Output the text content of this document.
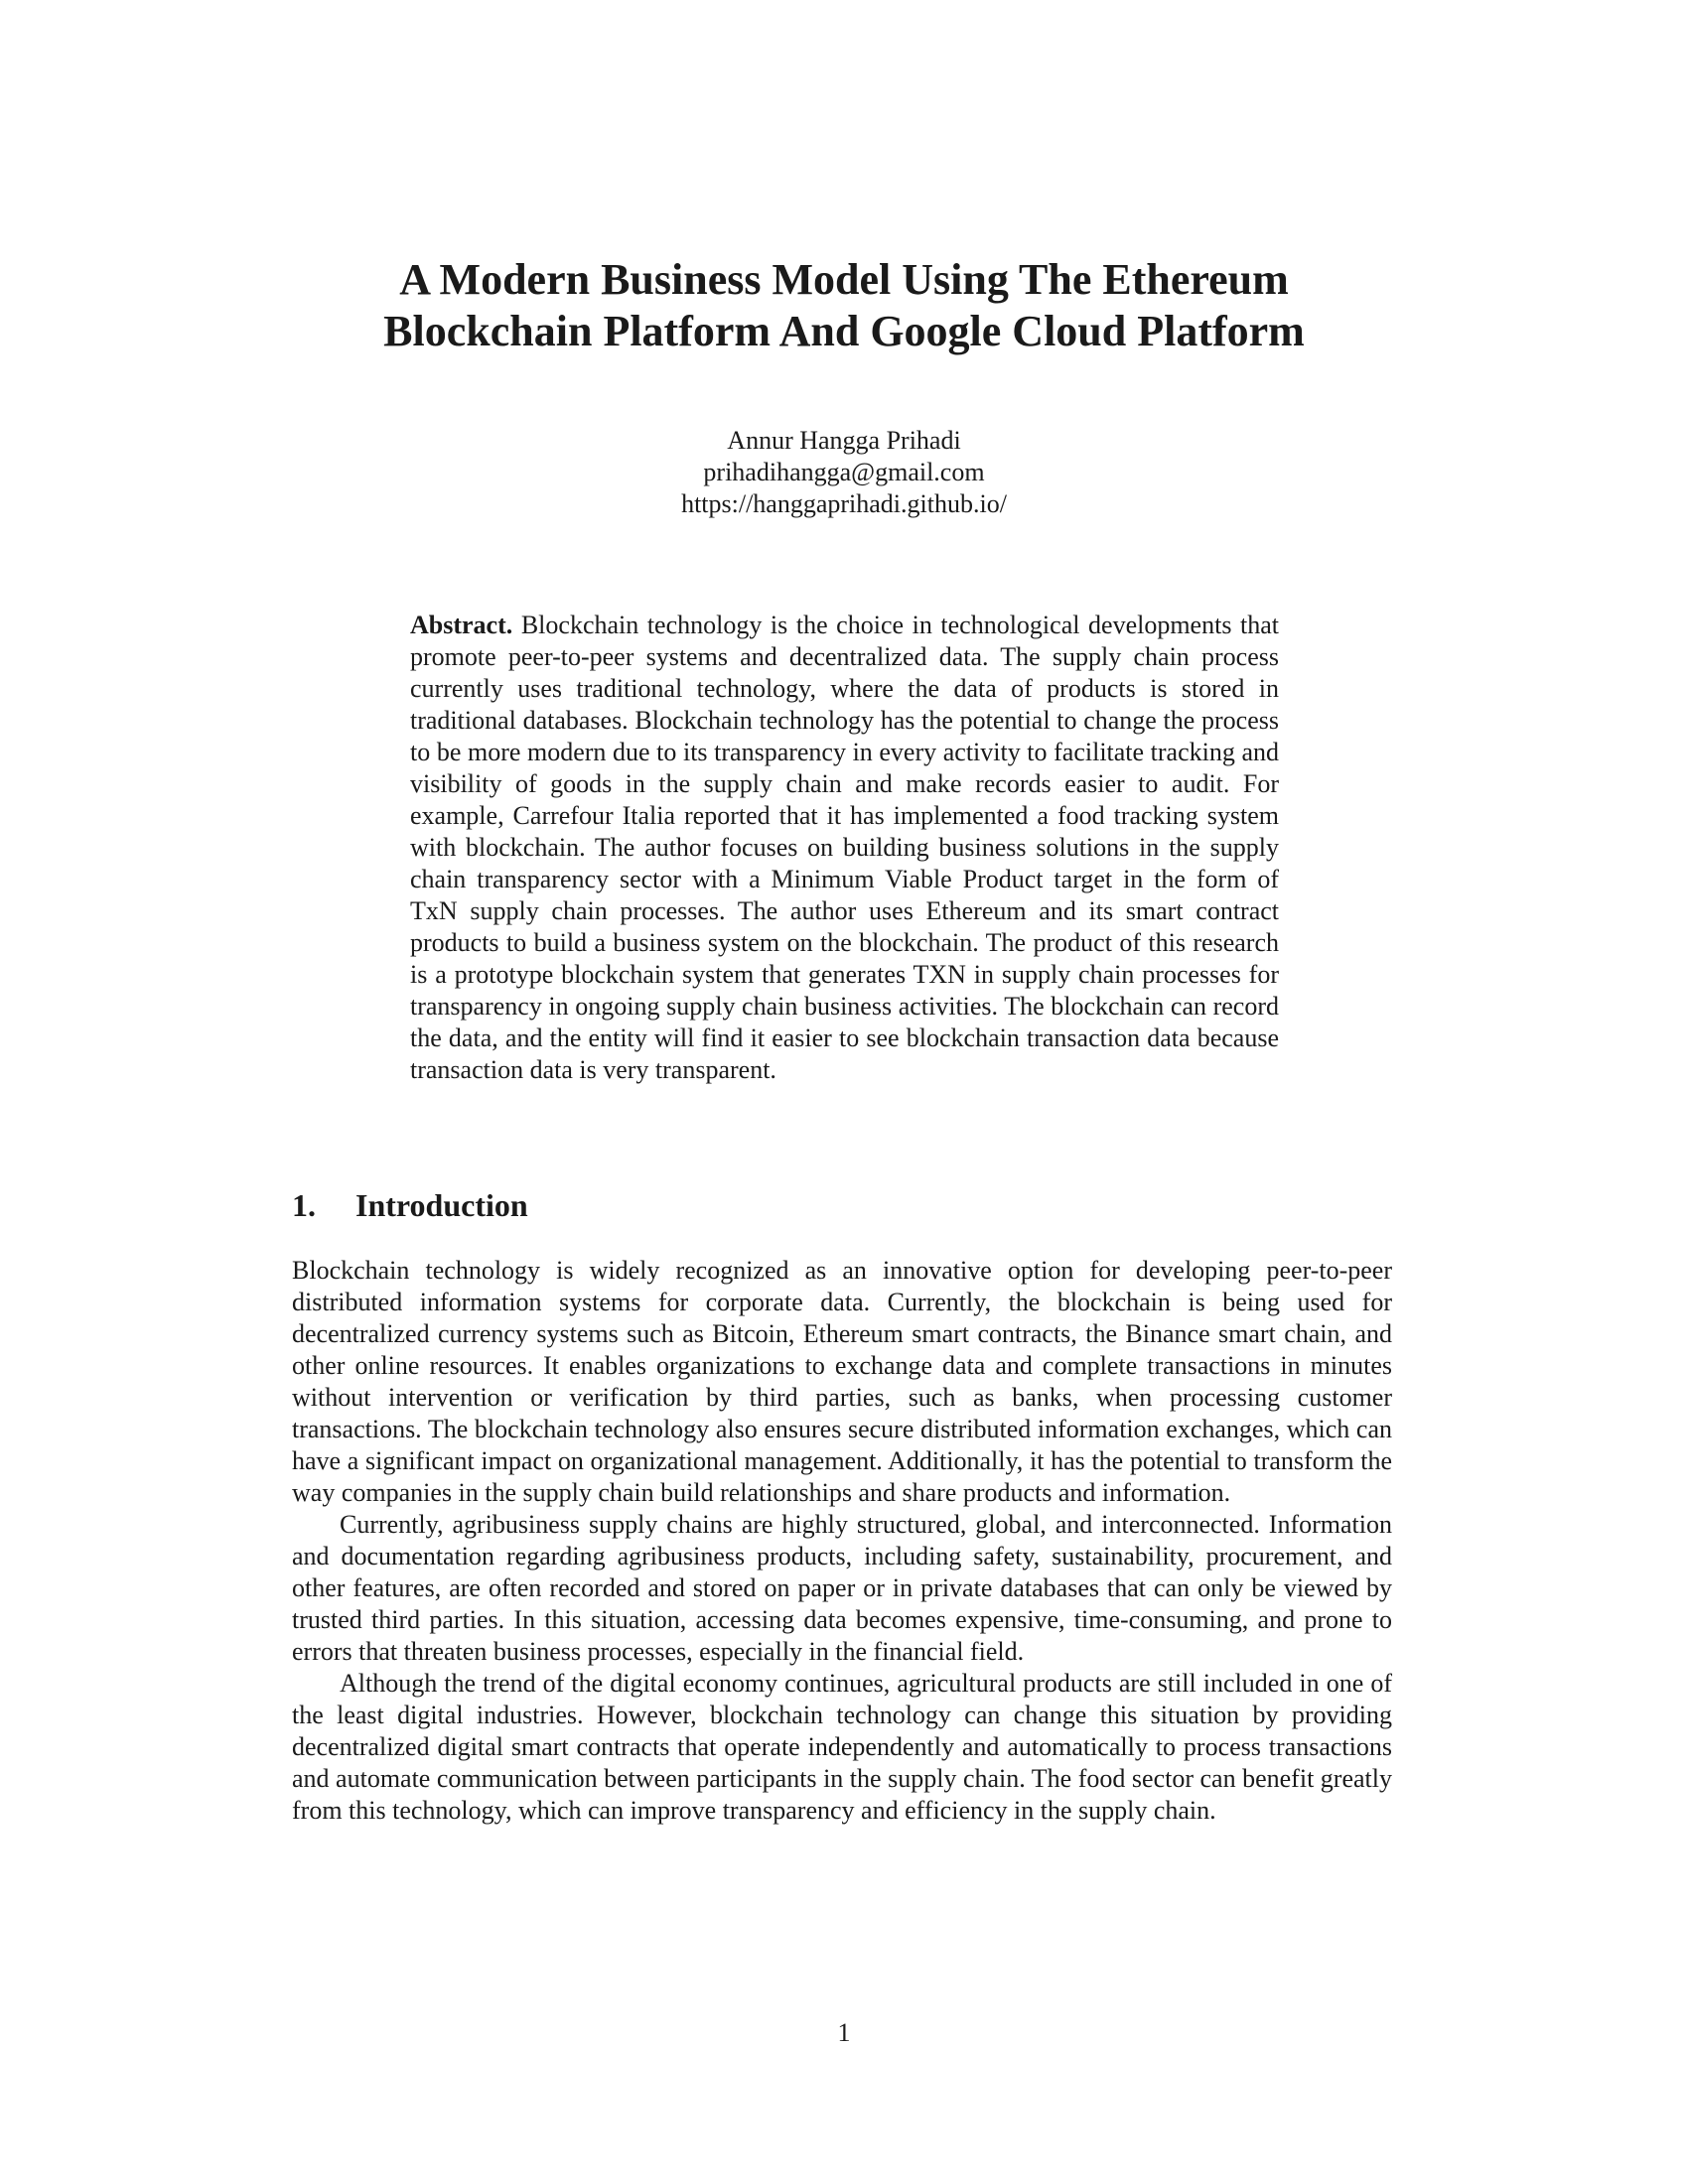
A Modern Business Model Using The Ethereum
Blockchain Platform And Google Cloud Platform
Annur Hangga Prihadi
prihadihangga@gmail.com
https://hanggaprihadi.github.io/

Abstract. Blockchain technology is the choice in technological developments that promote peer-to-peer systems and decentralized data. The supply chain process currently uses traditional technology, where the data of products is stored in traditional databases. Blockchain technology has the potential to change the process to be more modern due to its transparency in every activity to facilitate tracking and visibility of goods in the supply chain and make records easier to audit. For example, Carrefour Italia reported that it has implemented a food tracking system with blockchain. The author focuses on building business solutions in the supply chain transparency sector with a Minimum Viable Product target in the form of TxN supply chain processes. The author uses Ethereum and its smart contract products to build a business system on the blockchain. The product of this research is a prototype blockchain system that generates TXN in supply chain processes for transparency in ongoing supply chain business activities. The blockchain can record the data, and the entity will find it easier to see blockchain transaction data because transaction data is very transparent.

1. Introduction

Blockchain technology is widely recognized as an innovative option for developing peer-to-peer distributed information systems for corporate data. Currently, the blockchain is being used for decentralized currency systems such as Bitcoin, Ethereum smart contracts, the Binance smart chain, and other online resources. It enables organizations to exchange data and complete transactions in minutes without intervention or verification by third parties, such as banks, when processing customer transactions. The blockchain technology also ensures secure distributed information exchanges, which can have a significant impact on organizational management. Additionally, it has the potential to transform the way companies in the supply chain build relationships and share products and information.

Currently, agribusiness supply chains are highly structured, global, and interconnected. Information and documentation regarding agribusiness products, including safety, sustainability, procurement, and other features, are often recorded and stored on paper or in private databases that can only be viewed by trusted third parties. In this situation, accessing data becomes expensive, time-consuming, and prone to errors that threaten business processes, especially in the financial field.

Although the trend of the digital economy continues, agricultural products are still included in one of the least digital industries. However, blockchain technology can change this situation by providing decentralized digital smart contracts that operate independently and automatically to process transactions and automate communication between participants in the supply chain. The food sector can benefit greatly from this technology, which can improve transparency and efficiency in the supply chain.

1
